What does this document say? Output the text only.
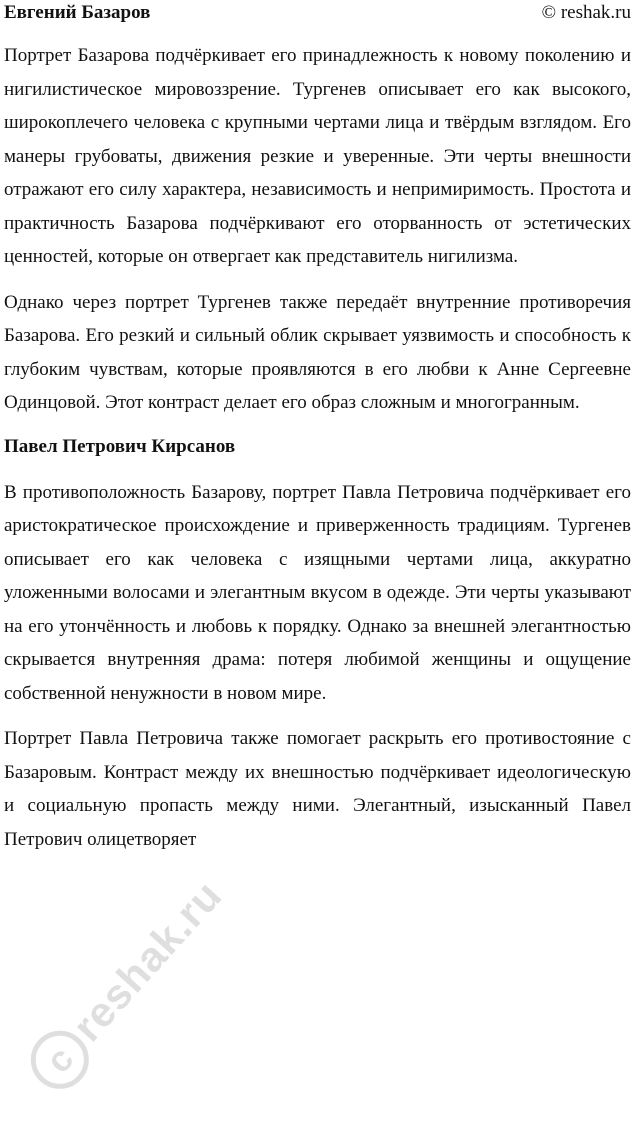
Евгений Базаров	© reshak.ru

Портрет Базарова подчёркивает его принадлежность к новому поколению и нигилистическое мировоззрение. Тургенев описывает его как высокого, широкоплечего человека с крупными чертами лица и твёрдым взглядом. Его манеры грубоваты, движения резкие и уверенные. Эти черты внешности отражают его силу характера, независимость и непримиримость. Простота и практичность Базарова подчёркивают его оторванность от эстетических ценностей, которые он отвергает как представитель нигилизма.

Однако через портрет Тургенев также передаёт внутренние противоречия Базарова. Его резкий и сильный облик скрывает уязвимость и способность к глубоким чувствам, которые проявляются в его любви к Анне Сергеевне Одинцовой. Этот контраст делает его образ сложным и многогранным.

Павел Петрович Кирсанов

В противоположность Базарову, портрет Павла Петровича подчёркивает его аристократическое происхождение и приверженность традициям. Тургенев описывает его как человека с изящными чертами лица, аккуратно уложенными волосами и элегантным вкусом в одежде. Эти черты указывают на его утончённость и любовь к порядку. Однако за внешней элегантностью скрывается внутренняя драма: потеря любимой женщины и ощущение собственной ненужности в новом мире.

Портрет Павла Петровича также помогает раскрыть его противостояние с Базаровым. Контраст между их внешностью подчёркивает идеологическую и социальную пропасть между ними. Элегантный, изысканный Павел Петрович олицетворяет

c
reshak.ru
